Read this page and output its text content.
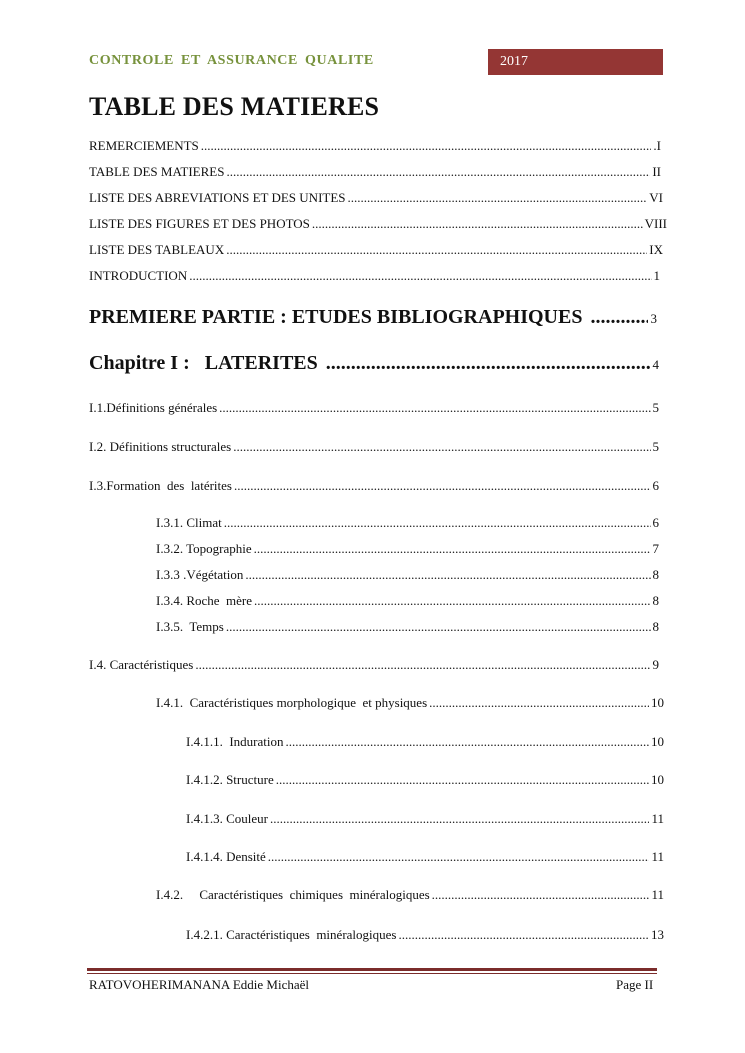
CONTROLE ET ASSURANCE QUALITE	2017
TABLE DES MATIERES
REMERCIEMENTS .....	.I
TABLE DES MATIERES .....	II
LISTE DES ABREVIATIONS ET DES UNITES .....	VI
LISTE DES FIGURES ET DES PHOTOS .....	VIII
LISTE DES TABLEAUX .....	IX
INTRODUCTION .....	1
PREMIERE PARTIE : ETUDES BIBLIOGRAPHIQUES .....	3
Chapitre I :   LATERITES .....	4
I.1.Définitions générales .....	5
I.2. Définitions structurales .....	5
I.3.Formation  des  latérites .....	6
I.3.1. Climat .....	6
I.3.2. Topographie .....	7
I.3.3 .Végétation .....	8
I.3.4. Roche  mère .....	8
I.3.5.  Temps .....	8
I.4. Caractéristiques .....	9
I.4.1.  Caractéristiques morphologique  et physiques .....	10
I.4.1.1.  Induration .....	10
I.4.1.2. Structure .....	10
I.4.1.3. Couleur .....	11
I.4.1.4. Densité .....	11
I.4.2.     Caractéristiques  chimiques  minéralogiques .....	11
I.4.2.1. Caractéristiques  minéralogiques .....	13
RATOVOHERIMANANA Eddie Michaël	Page II
